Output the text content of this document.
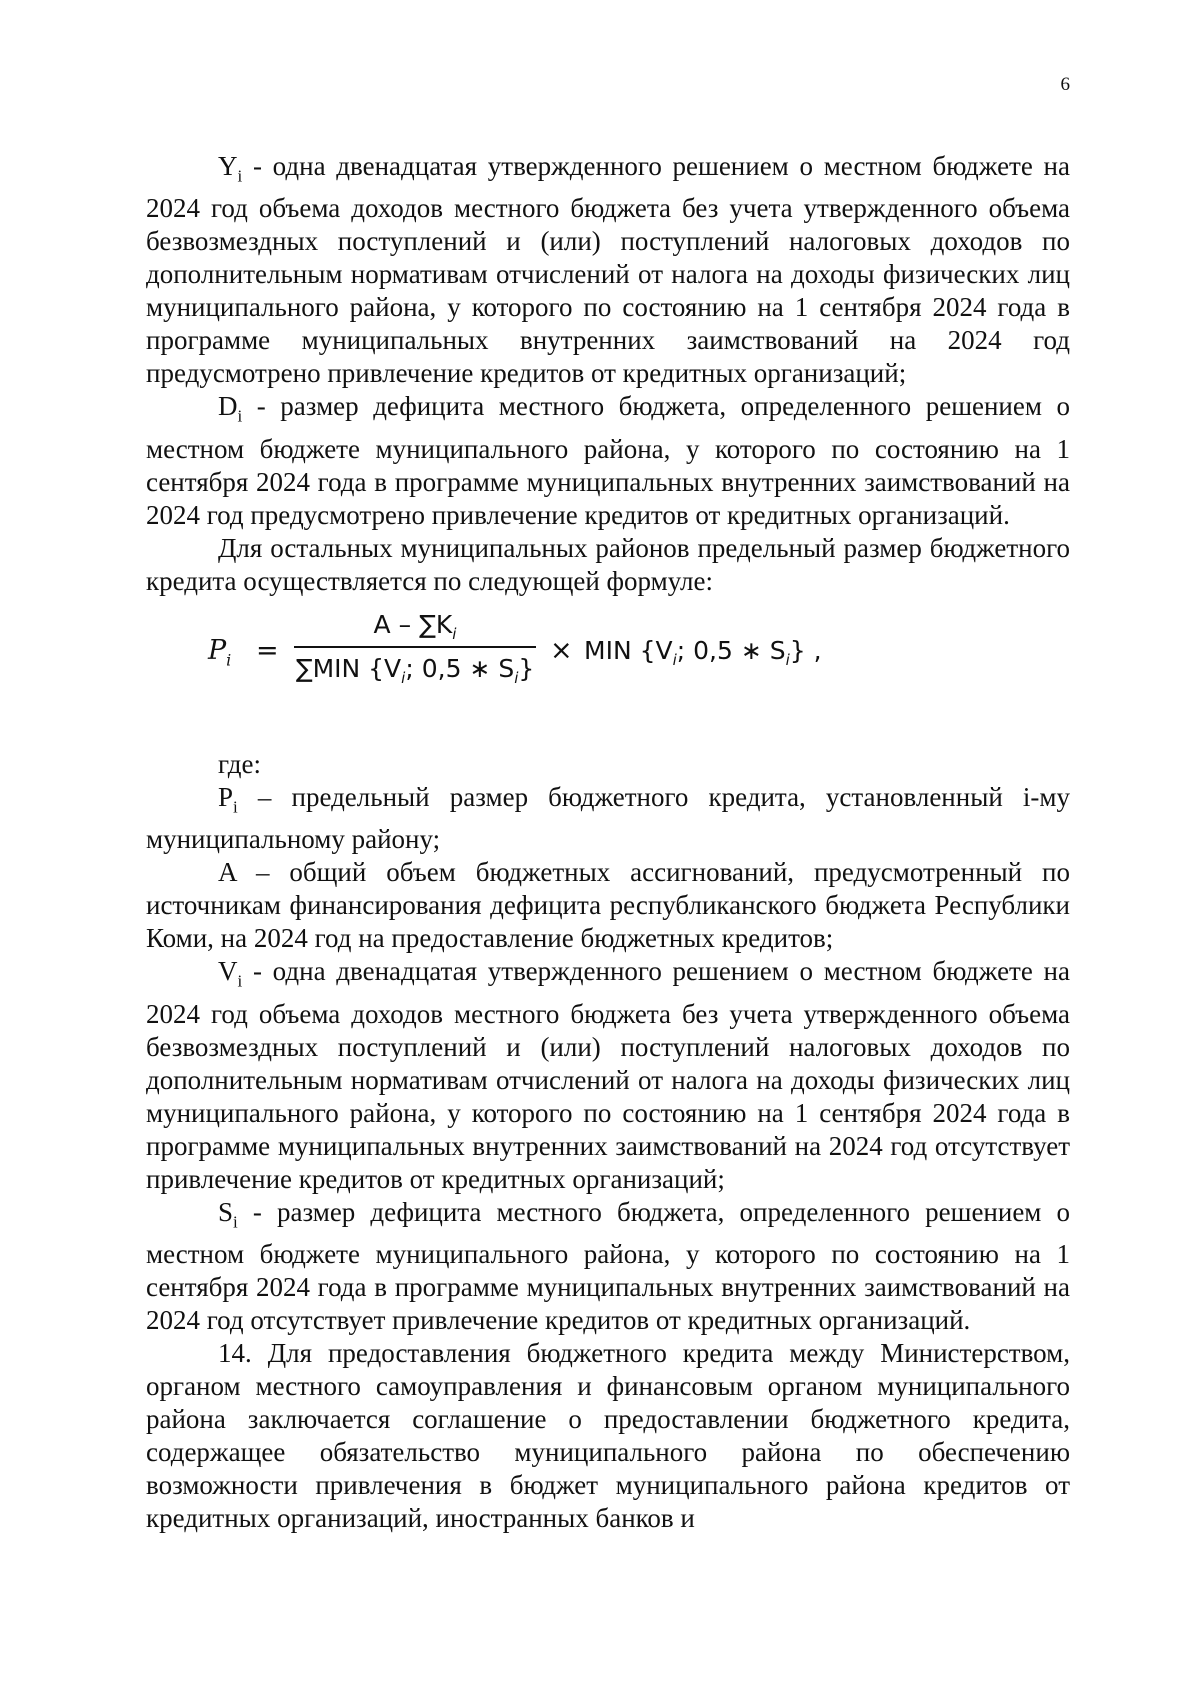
6

$Y_i$ - одна двенадцатая утвержденного решением о местном бюджете на 2024 год объема доходов местного бюджета без учета утвержденного объема безвозмездных поступлений и (или) поступлений налоговых доходов по дополнительным нормативам отчислений от налога на доходы физических лиц муниципального района, у которого по состоянию на 1 сентября 2024 года в программе муниципальных внутренних заимствований на 2024 год предусмотрено привлечение кредитов от кредитных организаций;

$D_i$ - размер дефицита местного бюджета, определенного решением о местном бюджете муниципального района, у которого по состоянию на 1 сентября 2024 года в программе муниципальных внутренних заимствований на 2024 год предусмотрено привлечение кредитов от кредитных организаций.

Для остальных муниципальных районов предельный размер бюджетного кредита осуществляется по следующей формуле:

$P_i$ =
A – $\sum K_i$
∑MIN {$V_i$; 0,5 ∗ $S_i$}
× MIN {$V_i$; 0,5 ∗ $S_i$} ,

где:

$P_i$ – предельный размер бюджетного кредита, установленный i-му муниципальному району;

A – общий объем бюджетных ассигнований, предусмотренный по источникам финансирования дефицита республиканского бюджета Республики Коми, на 2024 год на предоставление бюджетных кредитов;

$V_i$ - одна двенадцатая утвержденного решением о местном бюджете на 2024 год объема доходов местного бюджета без учета утвержденного объема безвозмездных поступлений и (или) поступлений налоговых доходов по дополнительным нормативам отчислений от налога на доходы физических лиц муниципального района, у которого по состоянию на 1 сентября 2024 года в программе муниципальных внутренних заимствований на 2024 год отсутствует привлечение кредитов от кредитных организаций;

$S_i$ - размер дефицита местного бюджета, определенного решением о местном бюджете муниципального района, у которого по состоянию на 1 сентября 2024 года в программе муниципальных внутренних заимствований на 2024 год отсутствует привлечение кредитов от кредитных организаций.

14. Для предоставления бюджетного кредита между Министерством, органом местного самоуправления и финансовым органом муниципального района заключается соглашение о предоставлении бюджетного кредита, содержащее обязательство муниципального района по обеспечению возможности привлечения в бюджет муниципального района кредитов от кредитных организаций, иностранных банков и
